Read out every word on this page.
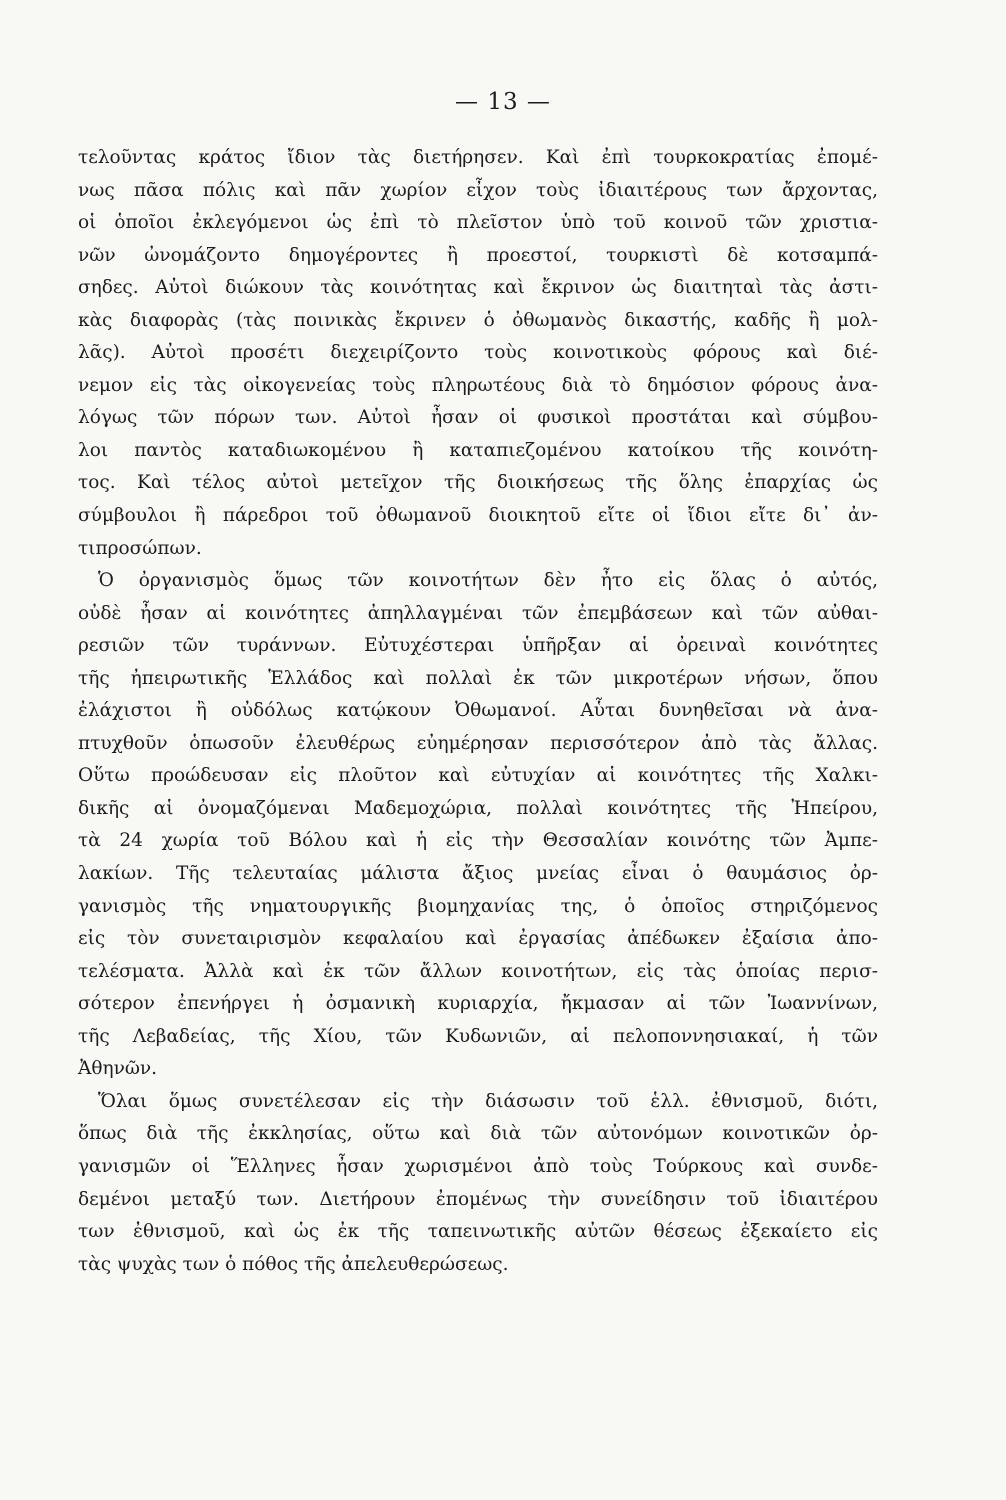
— 13 —
τελοῦντας κράτος ἴδιον τὰς διετήρησεν. Καὶ ἐπὶ τουρκοκρατίας ἐπομέ-
νως πᾶσα πόλις καὶ πᾶν χωρίον εἶχον τοὺς ἰδιαιτέρους των ἄρχοντας,
οἱ ὁποῖοι ἐκλεγόμενοι ὡς ἐπὶ τὸ πλεῖστον ὑπὸ τοῦ κοινοῦ τῶν χριστια-
νῶν ὠνομάζοντο δημογέροντες ἢ προεστοί, τουρκιστὶ δὲ κοτσαμπά-
σηδες. Αὐτοὶ διώκουν τὰς κοινότητας καὶ ἔκρινον ὡς διαιτηταὶ τὰς ἀστι-
κὰς διαφορὰς (τὰς ποινικὰς ἔκρινεν ὁ ὀθωμανὸς δικαστής, καδῆς ἢ μολ-
λᾶς). Αὐτοὶ προσέτι διεχειρίζοντο τοὺς κοινοτικοὺς φόρους καὶ διέ-
νεμον εἰς τὰς οἰκογενείας τοὺς πληρωτέους διὰ τὸ δημόσιον φόρους ἀνα-
λόγως τῶν πόρων των. Αὐτοὶ ἦσαν οἱ φυσικοὶ προστάται καὶ σύμβου-
λοι παντὸς καταδιωκομένου ἢ καταπιεζομένου κατοίκου τῆς κοινότη-
τος. Καὶ τέλος αὐτοὶ μετεῖχον τῆς διοικήσεως τῆς ὅλης ἐπαρχίας ὡς
σύμβουλοι ἢ πάρεδροι τοῦ ὀθωμανοῦ διοικητοῦ εἴτε οἱ ἴδιοι εἴτε δι᾽ ἀν-
τιπροσώπων.
Ὁ ὀργανισμὸς ὅμως τῶν κοινοτήτων δὲν ἦτο εἰς ὅλας ὁ αὐτός,
οὐδὲ ἦσαν αἱ κοινότητες ἀπηλλαγμέναι τῶν ἐπεμβάσεων καὶ τῶν αὐθαι-
ρεσιῶν τῶν τυράννων. Εὐτυχέστεραι ὑπῆρξαν αἱ ὀρειναὶ κοινότητες
τῆς ἠπειρωτικῆς Ἑλλάδος καὶ πολλαὶ ἐκ τῶν μικροτέρων νήσων, ὅπου
ἐλάχιστοι ἢ οὐδόλως κατῴκουν Ὀθωμανοί. Αὗται δυνηθεῖσαι νὰ ἀνα-
πτυχθοῦν ὁπωσοῦν ἐλευθέρως εὐημέρησαν περισσότερον ἀπὸ τὰς ἄλλας.
Οὕτω προώδευσαν εἰς πλοῦτον καὶ εὐτυχίαν αἱ κοινότητες τῆς Χαλκι-
δικῆς αἱ ὀνομαζόμεναι Μαδεμοχώρια, πολλαὶ κοινότητες τῆς Ἠπείρου,
τὰ 24 χωρία τοῦ Βόλου καὶ ἡ εἰς τὴν Θεσσαλίαν κοινότης τῶν Ἀμπε-
λακίων. Τῆς τελευταίας μάλιστα ἄξιος μνείας εἶναι ὁ θαυμάσιος ὀρ-
γανισμὸς τῆς νηματουργικῆς βιομηχανίας της, ὁ ὁποῖος στηριζόμενος
εἰς τὸν συνεταιρισμὸν κεφαλαίου καὶ ἐργασίας ἀπέδωκεν ἐξαίσια ἀπο-
τελέσματα. Ἀλλὰ καὶ ἐκ τῶν ἄλλων κοινοτήτων, εἰς τὰς ὁποίας περισ-
σότερον ἐπενήργει ἡ ὀσμανικὴ κυριαρχία, ἤκμασαν αἱ τῶν Ἰωαννίνων,
τῆς Λεβαδείας, τῆς Χίου, τῶν Κυδωνιῶν, αἱ πελοποννησιακαί, ἡ τῶν
Ἀθηνῶν.
Ὅλαι ὅμως συνετέλεσαν εἰς τὴν διάσωσιν τοῦ ἑλλ. ἐθνισμοῦ, διότι,
ὅπως διὰ τῆς ἐκκλησίας, οὕτω καὶ διὰ τῶν αὐτονόμων κοινοτικῶν ὀρ-
γανισμῶν οἱ Ἕλληνες ἦσαν χωρισμένοι ἀπὸ τοὺς Τούρκους καὶ συνδε-
δεμένοι μεταξύ των. Διετήρουν ἐπομένως τὴν συνείδησιν τοῦ ἰδιαιτέρου
των ἐθνισμοῦ, καὶ ὡς ἐκ τῆς ταπεινωτικῆς αὐτῶν θέσεως ἐξεκαίετο εἰς
τὰς ψυχὰς των ὁ πόθος τῆς ἀπελευθερώσεως.
